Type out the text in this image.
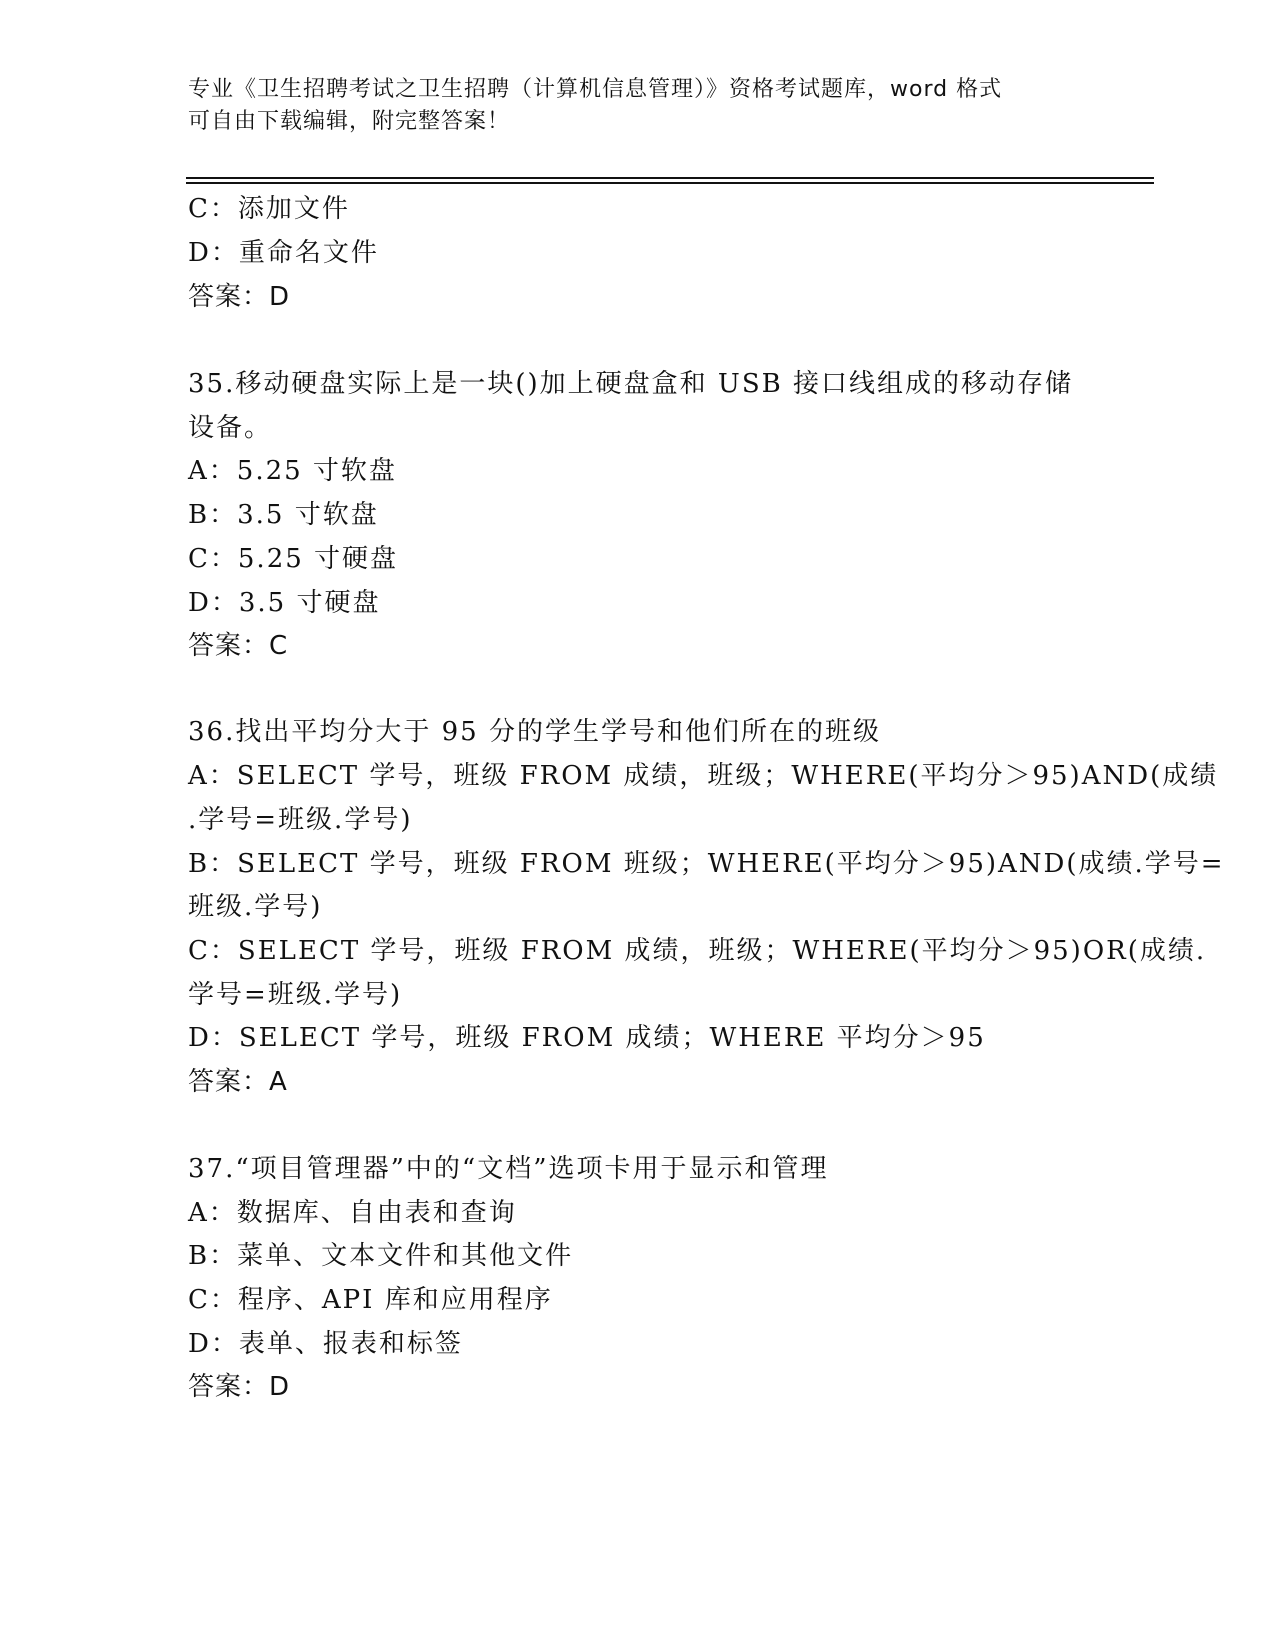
专业《卫生招聘考试之卫生招聘（计算机信息管理）》资格考试题库，word 格式
可自由下载编辑，附完整答案！
C：添加文件
D：重命名文件
答案：D
35.移动硬盘实际上是一块()加上硬盘盒和 USB 接口线组成的移动存储
设备。
A：5.25 寸软盘
B：3.5 寸软盘
C：5.25 寸硬盘
D：3.5 寸硬盘
答案：C
36.找出平均分大于 95 分的学生学号和他们所在的班级
A：SELECT 学号，班级 FROM 成绩，班级；WHERE(平均分＞95)AND(成绩
.学号=班级.学号)
B：SELECT 学号，班级 FROM 班级；WHERE(平均分＞95)AND(成绩.学号=
班级.学号)
C：SELECT 学号，班级 FROM 成绩，班级；WHERE(平均分＞95)OR(成绩.
学号=班级.学号)
D：SELECT 学号，班级 FROM 成绩；WHERE 平均分＞95
答案：A
37.“项目管理器”中的“文档”选项卡用于显示和管理
A：数据库、自由表和查询
B：菜单、文本文件和其他文件
C：程序、API 库和应用程序
D：表单、报表和标签
答案：D
